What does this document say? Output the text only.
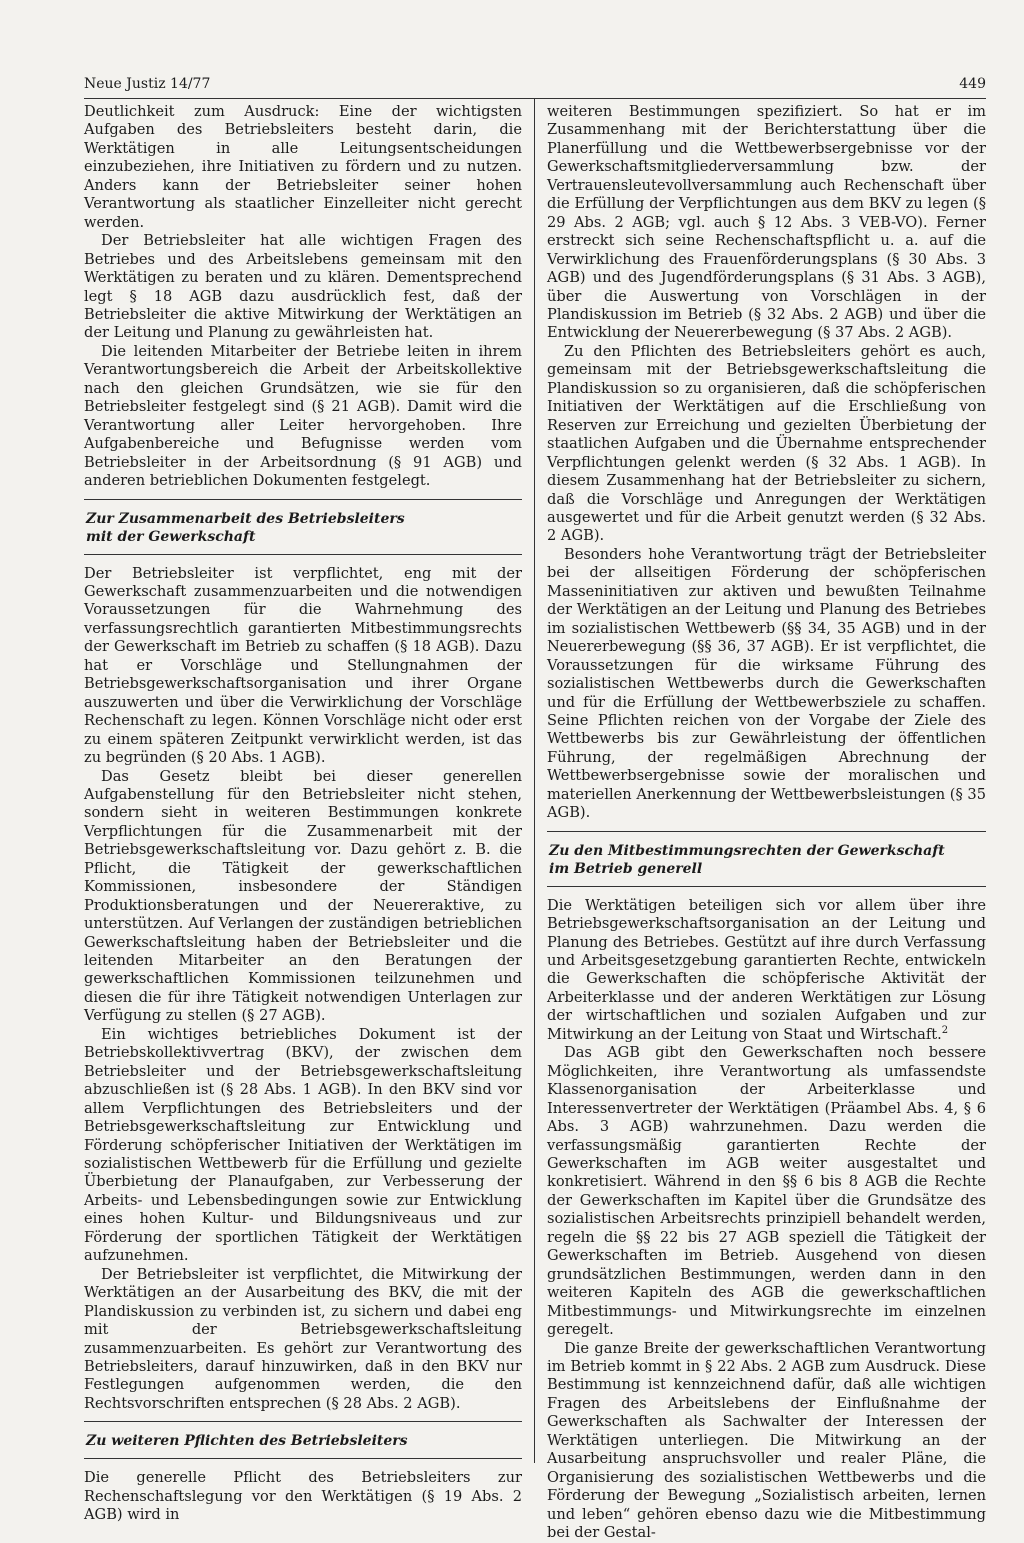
Neue Justiz 14/77	449

Deutlichkeit zum Ausdruck: Eine der wichtigsten Aufgaben des Betriebsleiters besteht darin, die Werktätigen in alle Leitungsentscheidungen einzubeziehen, ihre Initiativen zu fördern und zu nutzen. Anders kann der Betriebsleiter seiner hohen Verantwortung als staatlicher Einzelleiter nicht gerecht werden.

Der Betriebsleiter hat alle wichtigen Fragen des Betriebes und des Arbeitslebens gemeinsam mit den Werktätigen zu beraten und zu klären. Dementsprechend legt § 18 AGB dazu ausdrücklich fest, daß der Betriebsleiter die aktive Mitwirkung der Werktätigen an der Leitung und Planung zu gewährleisten hat.

Die leitenden Mitarbeiter der Betriebe leiten in ihrem Verantwortungsbereich die Arbeit der Arbeitskollektive nach den gleichen Grundsätzen, wie sie für den Betriebsleiter festgelegt sind (§ 21 AGB). Damit wird die Verantwortung aller Leiter hervorgehoben. Ihre Aufgabenbereiche und Befugnisse werden vom Betriebsleiter in der Arbeitsordnung (§ 91 AGB) und anderen betrieblichen Dokumenten festgelegt.

Zur Zusammenarbeit des Betriebsleiters
mit der Gewerkschaft

Der Betriebsleiter ist verpflichtet, eng mit der Gewerkschaft zusammenzuarbeiten und die notwendigen Voraussetzungen für die Wahrnehmung des verfassungsrechtlich garantierten Mitbestimmungsrechts der Gewerkschaft im Betrieb zu schaffen (§ 18 AGB). Dazu hat er Vorschläge und Stellungnahmen der Betriebsgewerkschaftsorganisation und ihrer Organe auszuwerten und über die Verwirklichung der Vorschläge Rechenschaft zu legen. Können Vorschläge nicht oder erst zu einem späteren Zeitpunkt verwirklicht werden, ist das zu begründen (§ 20 Abs. 1 AGB).

Das Gesetz bleibt bei dieser generellen Aufgabenstellung für den Betriebsleiter nicht stehen, sondern sieht in weiteren Bestimmungen konkrete Verpflichtungen für die Zusammenarbeit mit der Betriebsgewerkschaftsleitung vor. Dazu gehört z. B. die Pflicht, die Tätigkeit der gewerkschaftlichen Kommissionen, insbesondere der Ständigen Produktionsberatungen und der Neuereraktive, zu unterstützen. Auf Verlangen der zuständigen betrieblichen Gewerkschaftsleitung haben der Betriebsleiter und die leitenden Mitarbeiter an den Beratungen der gewerkschaftlichen Kommissionen teilzunehmen und diesen die für ihre Tätigkeit notwendigen Unterlagen zur Verfügung zu stellen (§ 27 AGB).

Ein wichtiges betriebliches Dokument ist der Betriebskollektivvertrag (BKV), der zwischen dem Betriebsleiter und der Betriebsgewerkschaftsleitung abzuschließen ist (§ 28 Abs. 1 AGB). In den BKV sind vor allem Verpflichtungen des Betriebsleiters und der Betriebsgewerkschaftsleitung zur Entwicklung und Förderung schöpferischer Initiativen der Werktätigen im sozialistischen Wettbewerb für die Erfüllung und gezielte Überbietung der Planaufgaben, zur Verbesserung der Arbeits- und Lebensbedingungen sowie zur Entwicklung eines hohen Kultur- und Bildungsniveaus und zur Förderung der sportlichen Tätigkeit der Werktätigen aufzunehmen.

Der Betriebsleiter ist verpflichtet, die Mitwirkung der Werktätigen an der Ausarbeitung des BKV, die mit der Plandiskussion zu verbinden ist, zu sichern und dabei eng mit der Betriebsgewerkschaftsleitung zusammenzuarbeiten. Es gehört zur Verantwortung des Betriebsleiters, darauf hinzuwirken, daß in den BKV nur Festlegungen aufgenommen werden, die den Rechtsvorschriften entsprechen (§ 28 Abs. 2 AGB).

Zu weiteren Pflichten des Betriebsleiters

Die generelle Pflicht des Betriebsleiters zur Rechenschaftslegung vor den Werktätigen (§ 19 Abs. 2 AGB) wird in

weiteren Bestimmungen spezifiziert. So hat er im Zusammenhang mit der Berichterstattung über die Planerfüllung und die Wettbewerbsergebnisse vor der Gewerkschaftsmitgliederversammlung bzw. der Vertrauensleutevollversammlung auch Rechenschaft über die Erfüllung der Verpflichtungen aus dem BKV zu legen (§ 29 Abs. 2 AGB; vgl. auch § 12 Abs. 3 VEB-VO). Ferner erstreckt sich seine Rechenschaftspflicht u. a. auf die Verwirklichung des Frauenförderungsplans (§ 30 Abs. 3 AGB) und des Jugendförderungsplans (§ 31 Abs. 3 AGB), über die Auswertung von Vorschlägen in der Plandiskussion im Betrieb (§ 32 Abs. 2 AGB) und über die Entwicklung der Neuererbewegung (§ 37 Abs. 2 AGB).

Zu den Pflichten des Betriebsleiters gehört es auch, gemeinsam mit der Betriebsgewerkschaftsleitung die Plandiskussion so zu organisieren, daß die schöpferischen Initiativen der Werktätigen auf die Erschließung von Reserven zur Erreichung und gezielten Überbietung der staatlichen Aufgaben und die Übernahme entsprechender Verpflichtungen gelenkt werden (§ 32 Abs. 1 AGB). In diesem Zusammenhang hat der Betriebsleiter zu sichern, daß die Vorschläge und Anregungen der Werktätigen ausgewertet und für die Arbeit genutzt werden (§ 32 Abs. 2 AGB).

Besonders hohe Verantwortung trägt der Betriebsleiter bei der allseitigen Förderung der schöpferischen Masseninitiativen zur aktiven und bewußten Teilnahme der Werktätigen an der Leitung und Planung des Betriebes im sozialistischen Wettbewerb (§§ 34, 35 AGB) und in der Neuererbewegung (§§ 36, 37 AGB). Er ist verpflichtet, die Voraussetzungen für die wirksame Führung des sozialistischen Wettbewerbs durch die Gewerkschaften und für die Erfüllung der Wettbewerbsziele zu schaffen. Seine Pflichten reichen von der Vorgabe der Ziele des Wettbewerbs bis zur Gewährleistung der öffentlichen Führung, der regelmäßigen Abrechnung der Wettbewerbsergebnisse sowie der moralischen und materiellen Anerkennung der Wettbewerbsleistungen (§ 35 AGB).

Zu den Mitbestimmungsrechten der Gewerkschaft
im Betrieb generell

Die Werktätigen beteiligen sich vor allem über ihre Betriebsgewerkschaftsorganisation an der Leitung und Planung des Betriebes. Gestützt auf ihre durch Verfassung und Arbeitsgesetzgebung garantierten Rechte, entwickeln die Gewerkschaften die schöpferische Aktivität der Arbeiterklasse und der anderen Werktätigen zur Lösung der wirtschaftlichen und sozialen Aufgaben und zur Mitwirkung an der Leitung von Staat und Wirtschaft.$^2$

Das AGB gibt den Gewerkschaften noch bessere Möglichkeiten, ihre Verantwortung als umfassendste Klassenorganisation der Arbeiterklasse und Interessenvertreter der Werktätigen (Präambel Abs. 4, § 6 Abs. 3 AGB) wahrzunehmen. Dazu werden die verfassungsmäßig garantierten Rechte der Gewerkschaften im AGB weiter ausgestaltet und konkretisiert. Während in den §§ 6 bis 8 AGB die Rechte der Gewerkschaften im Kapitel über die Grundsätze des sozialistischen Arbeitsrechts prinzipiell behandelt werden, regeln die §§ 22 bis 27 AGB speziell die Tätigkeit der Gewerkschaften im Betrieb. Ausgehend von diesen grundsätzlichen Bestimmungen, werden dann in den weiteren Kapiteln des AGB die gewerkschaftlichen Mitbestimmungs- und Mitwirkungsrechte im einzelnen geregelt.

Die ganze Breite der gewerkschaftlichen Verantwortung im Betrieb kommt in § 22 Abs. 2 AGB zum Ausdruck. Diese Bestimmung ist kennzeichnend dafür, daß alle wichtigen Fragen des Arbeitslebens der Einflußnahme der Gewerkschaften als Sachwalter der Interessen der Werktätigen unterliegen. Die Mitwirkung an der Ausarbeitung anspruchsvoller und realer Pläne, die Organisierung des sozialistischen Wettbewerbs und die Förderung der Bewegung „Sozialistisch arbeiten, lernen und leben“ gehören ebenso dazu wie die Mitbestimmung bei der Gestal-
